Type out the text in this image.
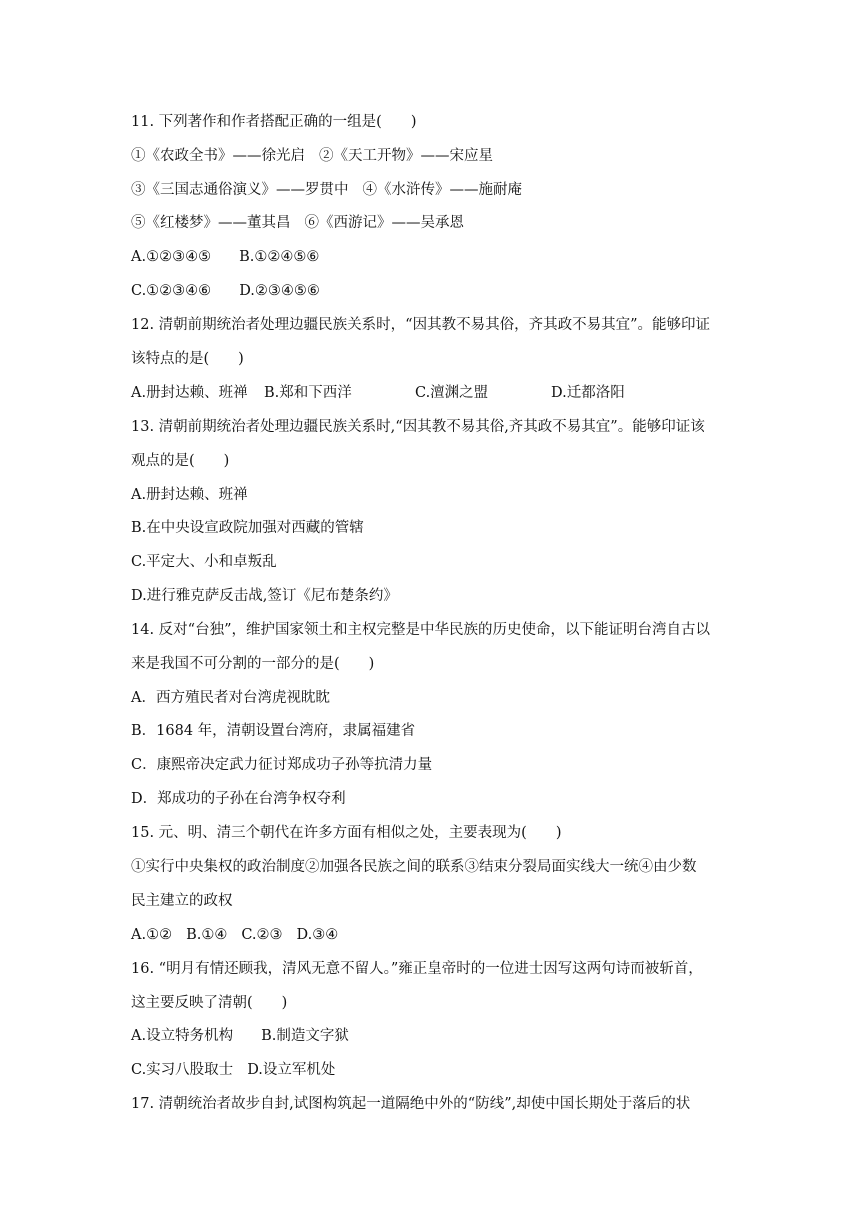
11. 下列著作和作者搭配正确的一组是(　　)
①《农政全书》——徐光启 ②《天工开物》——宋应星
③《三国志通俗演义》——罗贯中 ④《水浒传》——施耐庵
⑤《红楼梦》——董其昌 ⑥《西游记》——吴承恩
A.①②③④⑤ B.①②④⑤⑥
C.①②③④⑥ D.②③④⑤⑥
12. 清朝前期统治者处理边疆民族关系时，“因其教不易其俗，齐其政不易其宜”。能够印证
该特点的是(　　)
A.册封达赖、班禅 B.郑和下西洋	C.澶渊之盟	D.迁都洛阳
13. 清朝前期统治者处理边疆民族关系时,“因其教不易其俗,齐其政不易其宜”。能够印证该
观点的是(　　)
A.册封达赖、班禅
B.在中央设宣政院加强对西藏的管辖
C.平定大、小和卓叛乱
D.进行雅克萨反击战,签订《尼布楚条约》
14. 反对“台独”，维护国家领土和主权完整是中华民族的历史使命，以下能证明台湾自古以
来是我国不可分割的一部分的是(　　)
A．西方殖民者对台湾虎视眈眈
B．1684 年，清朝设置台湾府，隶属福建省
C．康熙帝决定武力征讨郑成功子孙等抗清力量
D．郑成功的子孙在台湾争权夺利
15. 元、明、清三个朝代在许多方面有相似之处，主要表现为(　　)
①实行中央集权的政治制度②加强各民族之间的联系③结束分裂局面实线大一统④由少数
民主建立的政权
A.①② B.①④ C.②③ D.③④
16. “明月有情还顾我，清风无意不留人。”雍正皇帝时的一位进士因写这两句诗而被斩首，
这主要反映了清朝(　　)
A.设立特务机构 B.制造文字狱
C.实习八股取士 D.设立军机处
17. 清朝统治者故步自封,试图构筑起一道隔绝中外的“防线”,却使中国长期处于落后的状
